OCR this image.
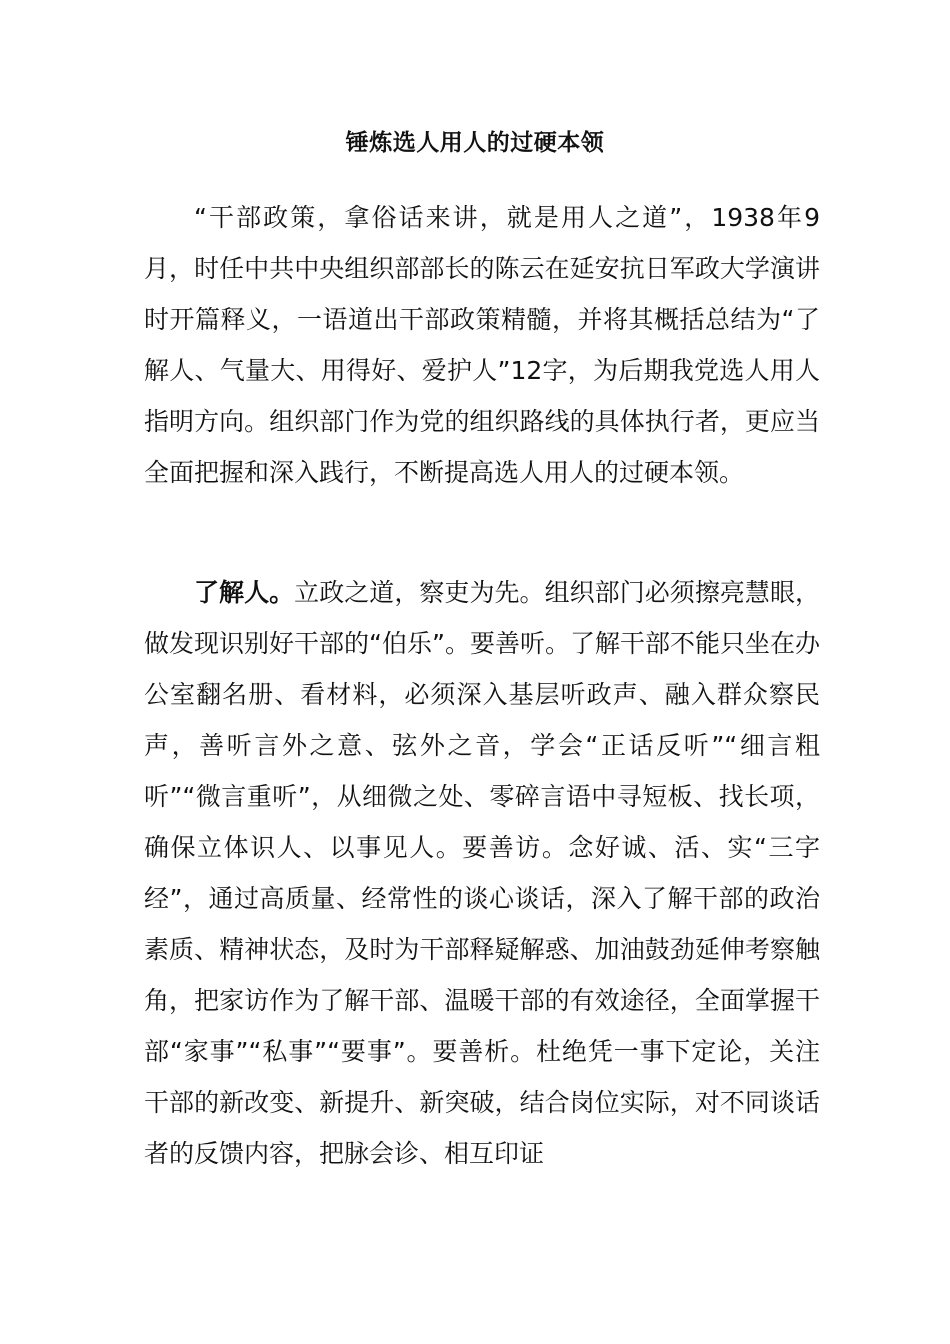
锤炼选人用人的过硬本领

“干部政策，拿俗话来讲，就是用人之道”，1938年9月，时任中共中央组织部部长的陈云在延安抗日军政大学演讲时开篇释义，一语道出干部政策精髓，并将其概括总结为“了解人、气量大、用得好、爱护人”12字，为后期我党选人用人指明方向。组织部门作为党的组织路线的具体执行者，更应当全面把握和深入践行，不断提高选人用人的过硬本领。

了解人。立政之道，察吏为先。组织部门必须擦亮慧眼，做发现识别好干部的“伯乐”。要善听。了解干部不能只坐在办公室翻名册、看材料，必须深入基层听政声、融入群众察民声，善听言外之意、弦外之音，学会“正话反听”“细言粗听”“微言重听”，从细微之处、零碎言语中寻短板、找长项，确保立体识人、以事见人。要善访。念好诚、活、实“三字经”，通过高质量、经常性的谈心谈话，深入了解干部的政治素质、精神状态，及时为干部释疑解惑、加油鼓劲延伸考察触角，把家访作为了解干部、温暖干部的有效途径，全面掌握干部“家事”“私事”“要事”。要善析。杜绝凭一事下定论，关注干部的新改变、新提升、新突破，结合岗位实际，对不同谈话者的反馈内容，把脉会诊、相互印证
